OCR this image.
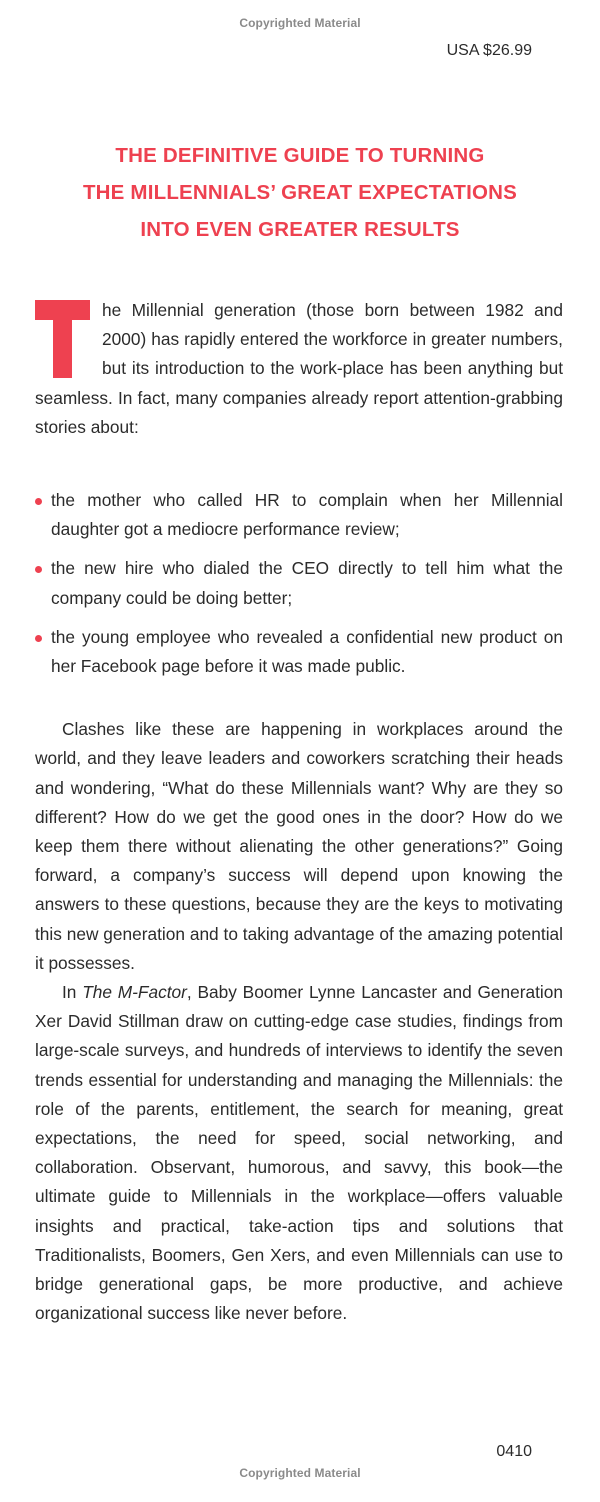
Copyrighted Material
USA $26.99
THE DEFINITIVE GUIDE TO TURNING
THE MILLENNIALS’ GREAT EXPECTATIONS
INTO EVEN GREATER RESULTS

he Millennial generation (those born between 1982 and 2000) has rapidly entered the workforce in greater numbers, but its introduction to the work-place has been anything but seamless. In fact, many companies already report attention-grabbing stories about:

the mother who called HR to complain when her Millennial daughter got a mediocre performance review;
the new hire who dialed the CEO directly to tell him what the company could be doing better;
the young employee who revealed a confidential new product on her Facebook page before it was made public.

Clashes like these are happening in workplaces around the world, and they leave leaders and coworkers scratching their heads and wondering, “What do these Millennials want? Why are they so different? How do we get the good ones in the door? How do we keep them there without alienating the other generations?” Going forward, a company’s success will depend upon knowing the answers to these questions, because they are the keys to motivating this new generation and to taking advantage of the amazing potential it possesses.

In The M-Factor, Baby Boomer Lynne Lancaster and Generation Xer David Stillman draw on cutting-edge case studies, findings from large-scale surveys, and hundreds of interviews to identify the seven trends essential for understanding and managing the Millennials: the role of the parents, entitlement, the search for meaning, great expectations, the need for speed, social networking, and collaboration. Observant, humorous, and savvy, this book—the ultimate guide to Millennials in the workplace—offers valuable insights and practical, take-action tips and solutions that Traditionalists, Boomers, Gen Xers, and even Millennials can use to bridge generational gaps, be more productive, and achieve organizational success like never before.

0410
Copyrighted Material
